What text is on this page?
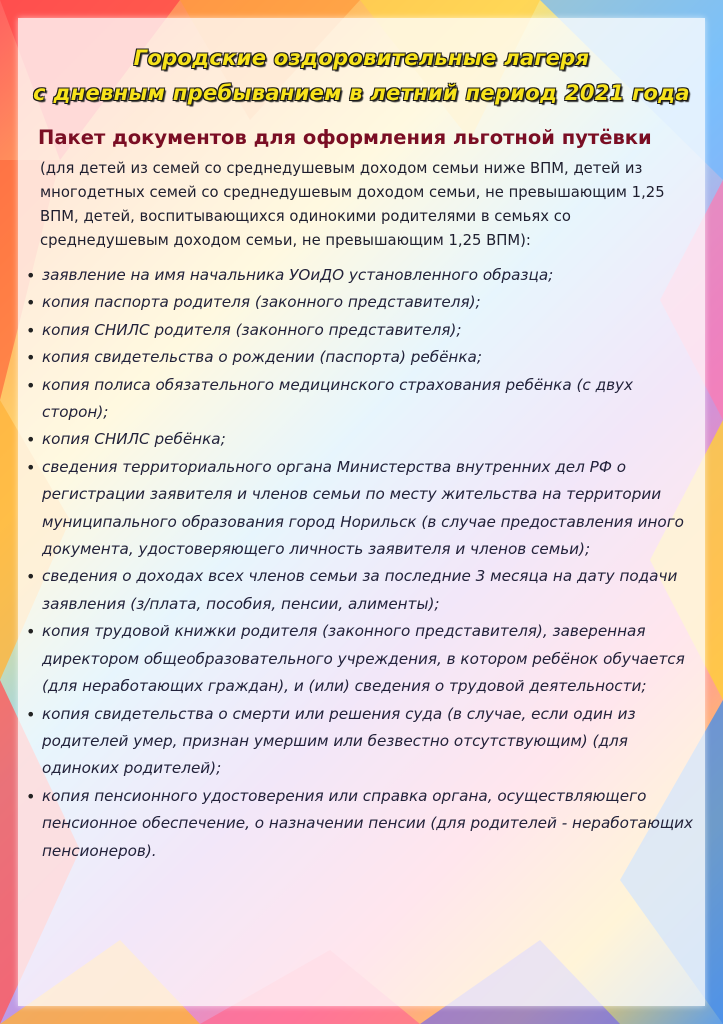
Городские оздоровительные лагеря
с дневным пребыванием в летний период 2021 года
Пакет документов для оформления льготной путёвки
(для детей из семей со среднедушевым доходом семьи ниже ВПМ, детей из многодетных семей со среднедушевым доходом семьи, не превышающим 1,25 ВПМ, детей, воспитывающихся одинокими родителями в семьях со среднедушевым доходом семьи, не превышающим 1,25 ВПМ):
• заявление на имя начальника УОиДО установленного образца;
• копия паспорта родителя (законного представителя);
• копия СНИЛС родителя (законного представителя);
• копия свидетельства о рождении (паспорта) ребёнка;
• копия полиса обязательного медицинского страхования ребёнка (с двух сторон);
• копия СНИЛС ребёнка;
• сведения территориального органа Министерства внутренних дел РФ о регистрации заявителя и членов семьи по месту жительства на территории муниципального образования город Норильск (в случае предоставления иного документа, удостоверяющего личность заявителя и членов семьи);
• сведения о доходах всех членов семьи за последние 3 месяца на дату подачи заявления (з/плата, пособия, пенсии, алименты);
• копия трудовой книжки родителя (законного представителя), заверенная директором общеобразовательного учреждения, в котором ребёнок обучается (для неработающих граждан), и (или) сведения о трудовой деятельности;
• копия свидетельства о смерти или решения суда (в случае, если один из родителей умер, признан умершим или безвестно отсутствующим) (для одиноких родителей);
• копия пенсионного удостоверения или справка органа, осуществляющего пенсионное обеспечение, о назначении пенсии (для родителей - неработающих пенсионеров).
